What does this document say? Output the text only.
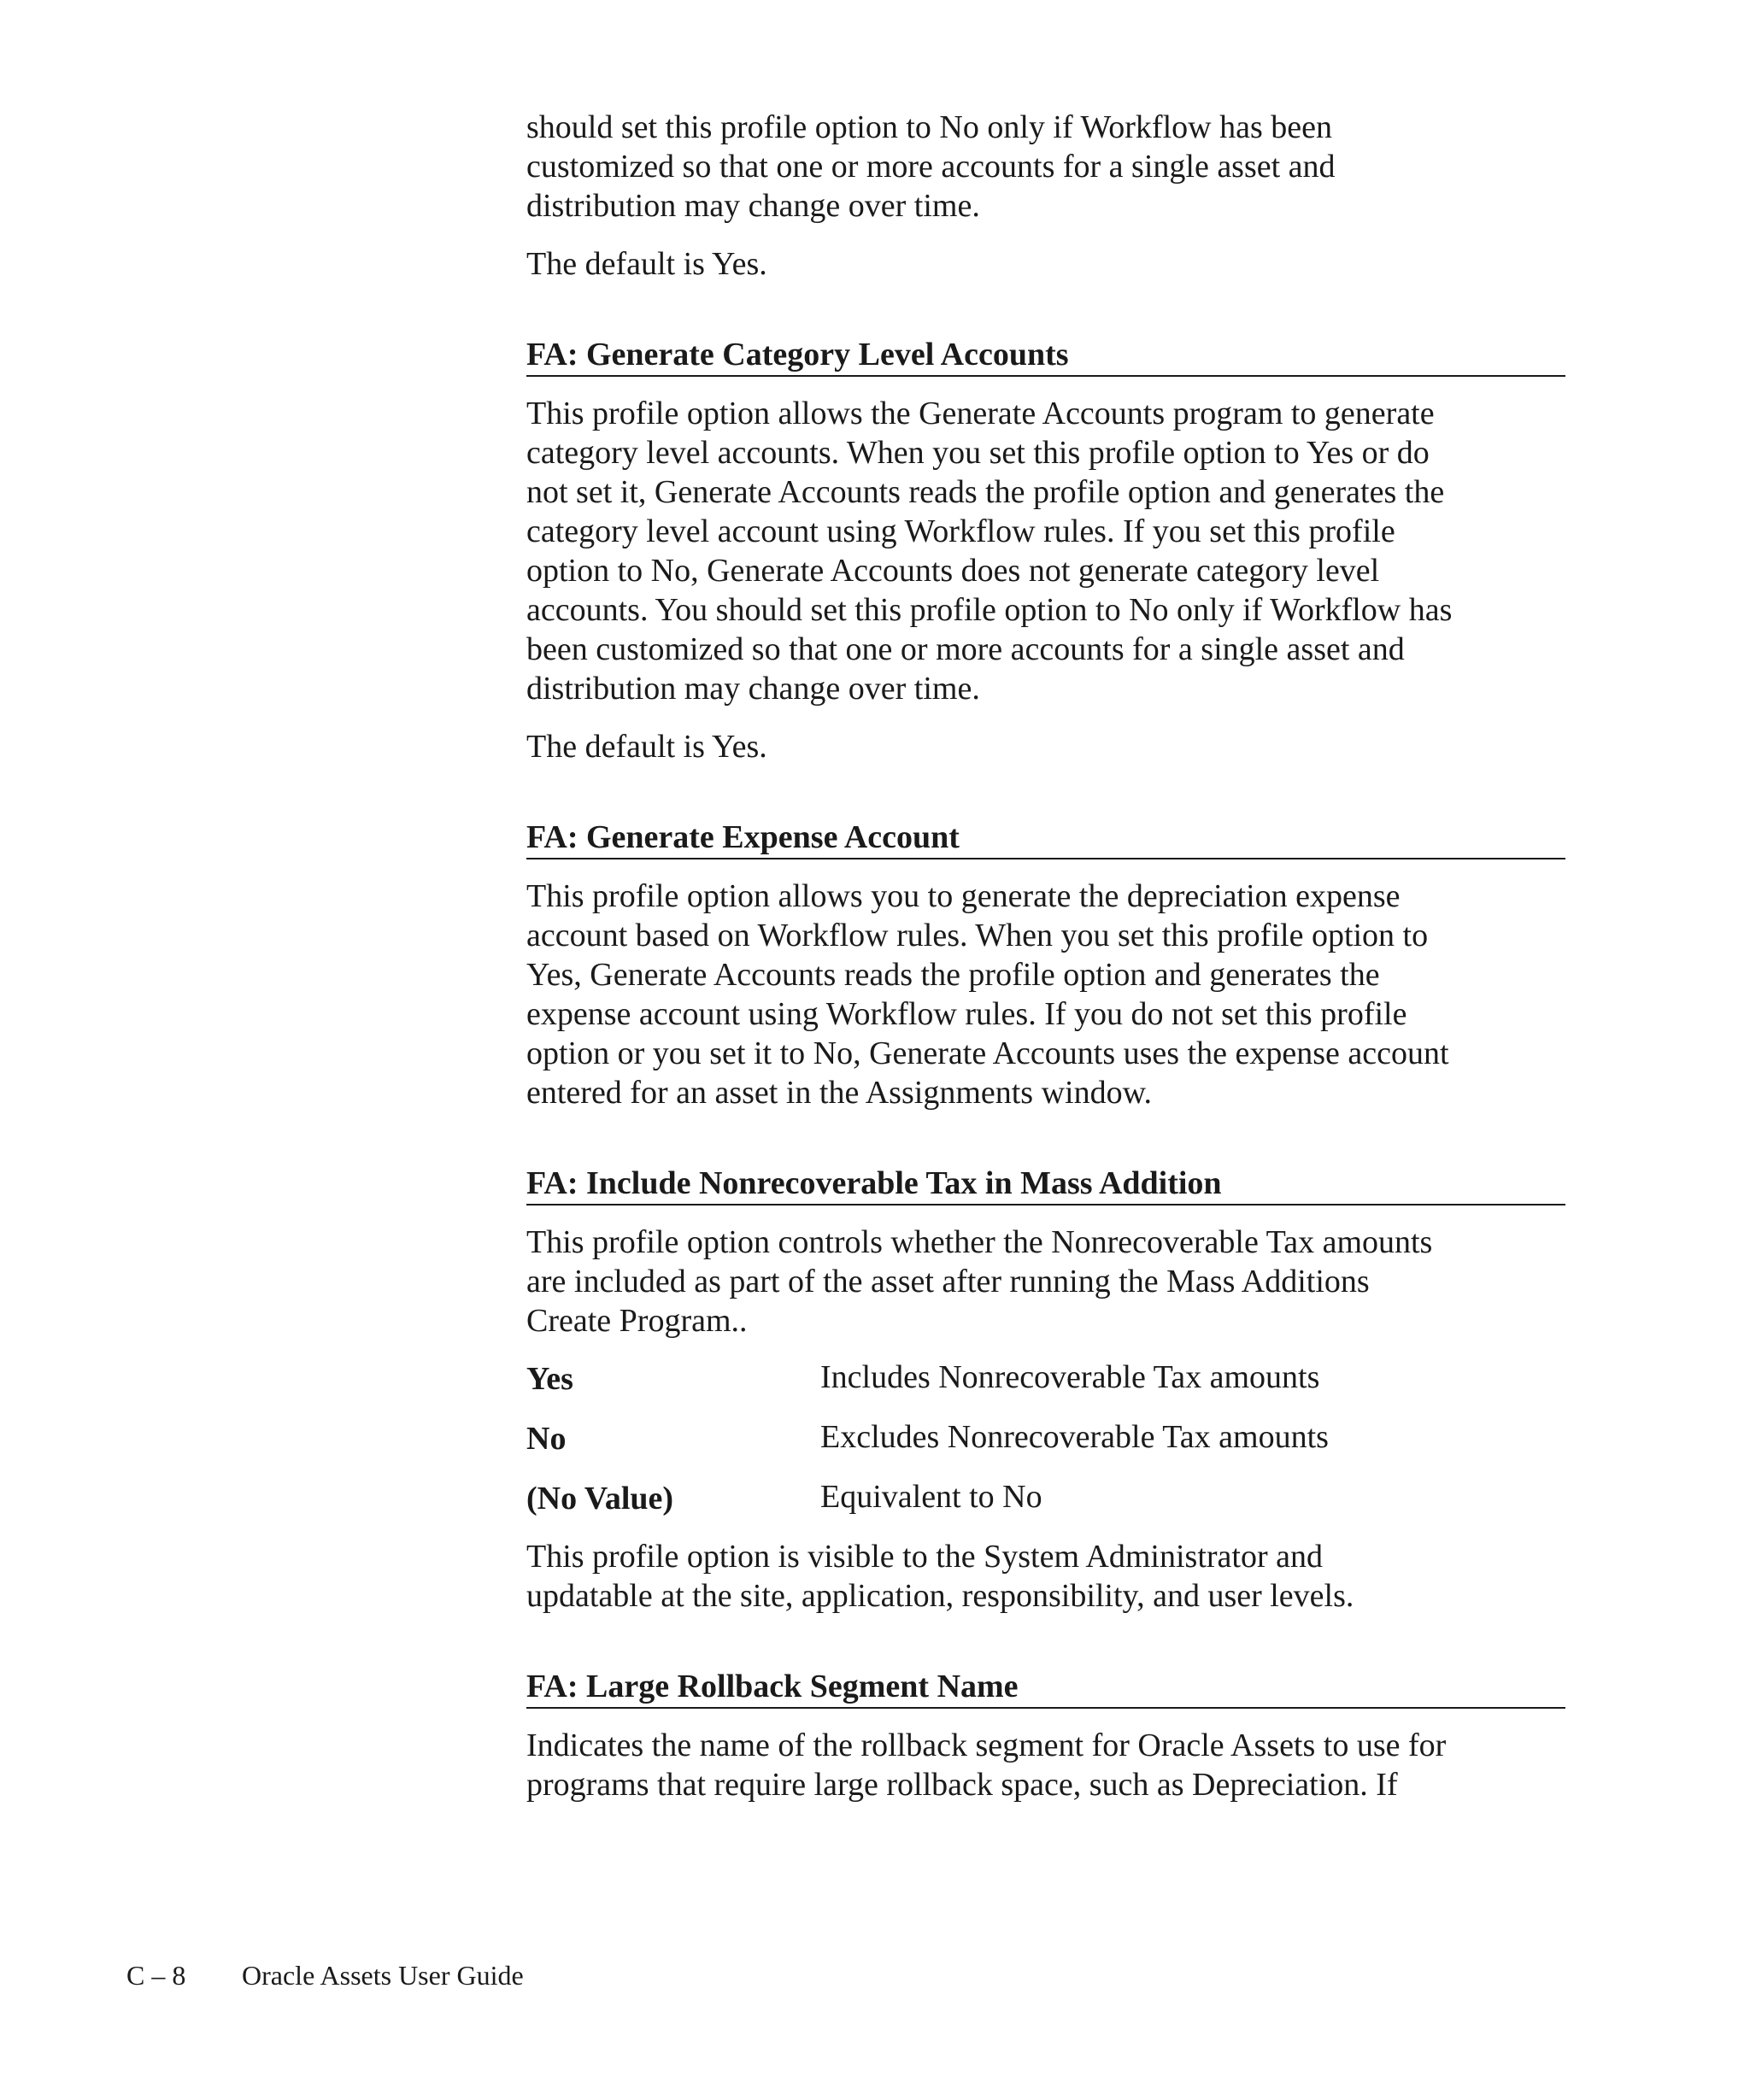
should set this profile option to No only if Workflow has been
customized so that one or more accounts for a single asset and
distribution may change over time.

The default is Yes.

FA: Generate Category Level Accounts

This profile option allows the Generate Accounts program to generate
category level accounts. When you set this profile option to Yes or do
not set it, Generate Accounts reads the profile option and generates the
category level account using Workflow rules. If you set this profile
option to No, Generate Accounts does not generate category level
accounts. You should set this profile option to No only if Workflow has
been customized so that one or more accounts for a single asset and
distribution may change over time.

The default is Yes.

FA: Generate Expense Account

This profile option allows you to generate the depreciation expense
account based on Workflow rules. When you set this profile option to
Yes, Generate Accounts reads the profile option and generates the
expense account using Workflow rules. If you do not set this profile
option or you set it to No, Generate Accounts uses the expense account
entered for an asset in the Assignments window.

FA: Include Nonrecoverable Tax in Mass Addition

This profile option controls whether the Nonrecoverable Tax amounts
are included as part of the asset after running the Mass Additions
Create Program..

Yes	Includes Nonrecoverable Tax amounts
No	Excludes Nonrecoverable Tax amounts
(No Value)	Equivalent to No

This profile option is visible to the System Administrator and
updatable at the site, application, responsibility, and user levels.

FA: Large Rollback Segment Name

Indicates the name of the rollback segment for Oracle Assets to use for
programs that require large rollback space, such as Depreciation. If

C – 8	Oracle Assets User Guide
